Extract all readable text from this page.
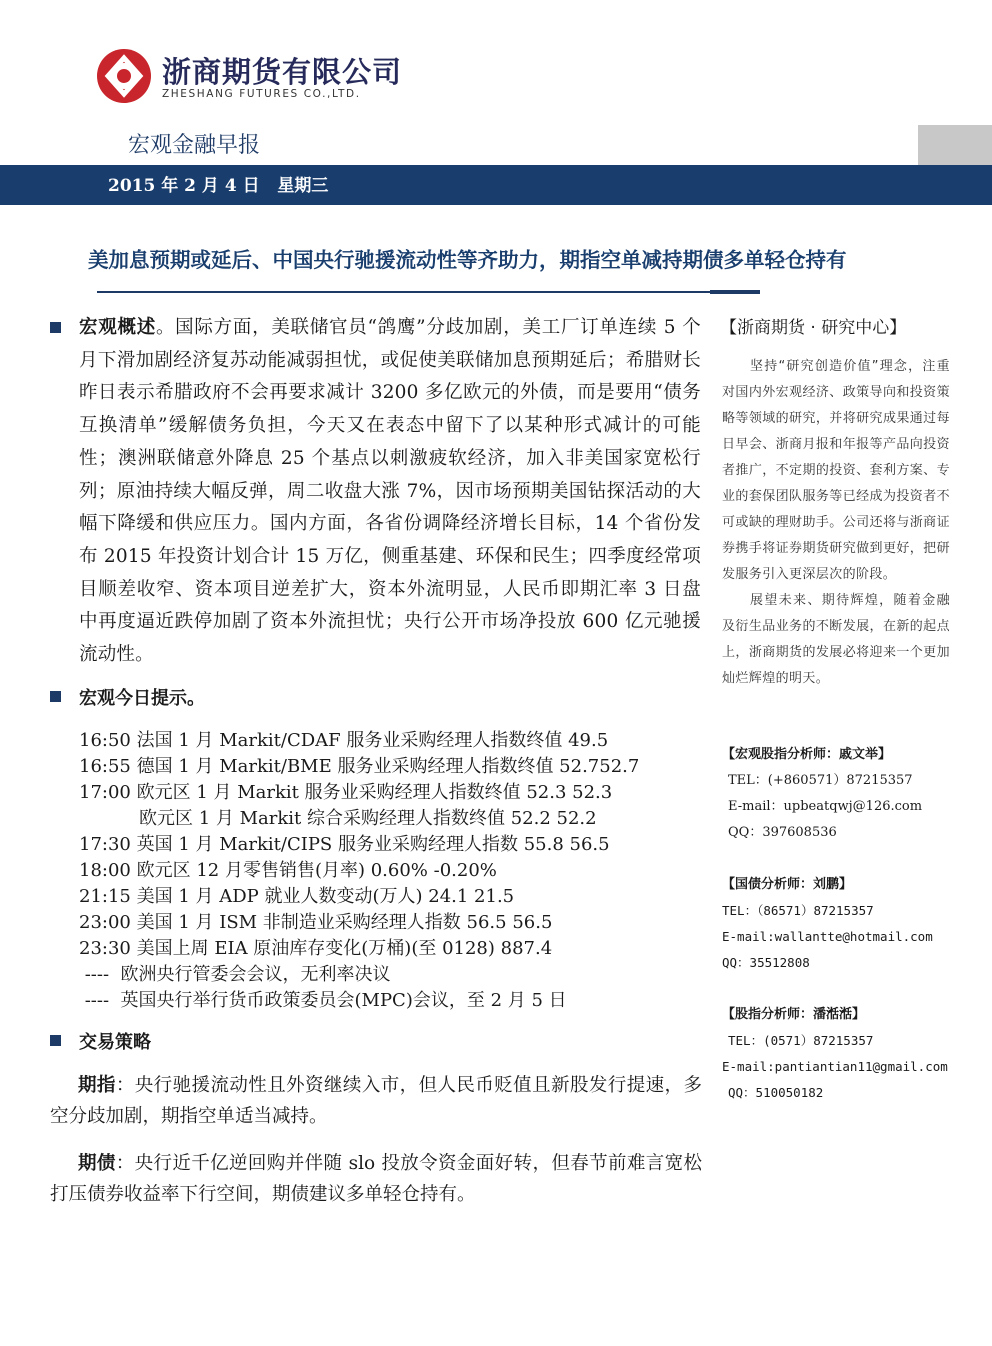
浙商期货有限公司
ZHESHANG FUTURES CO.,LTD.
宏观金融早报
2015 年 2 月 4 日 星期三
美加息预期或延后、中国央行驰援流动性等齐助力，期指空单减持期债多单轻仓持有
宏观概述。国际方面，美联储官员“鸽鹰”分歧加剧，美工厂订单连续 5 个月下滑加剧经济复苏动能减弱担忧，或促使美联储加息预期延后；希腊财长昨日表示希腊政府不会再要求减计 3200 多亿欧元的外债，而是要用“债务互换清单”缓解债务负担，今天又在表态中留下了以某种形式减计的可能性；澳洲联储意外降息 25 个基点以刺激疲软经济，加入非美国家宽松行列；原油持续大幅反弹，周二收盘大涨 7%，因市场预期美国钻探活动的大幅下降缓和供应压力。国内方面，各省份调降经济增长目标，14 个省份发布 2015 年投资计划合计 15 万亿，侧重基建、环保和民生；四季度经常项目顺差收窄、资本项目逆差扩大，资本外流明显，人民币即期汇率 3 日盘中再度逼近跌停加剧了资本外流担忧；央行公开市场净投放 600 亿元驰援流动性。
宏观今日提示。
16:50 法国 1 月 Markit/CDAF 服务业采购经理人指数终值 49.5
16:55 德国 1 月 Markit/BME 服务业采购经理人指数终值 52.752.7
17:00 欧元区 1 月 Markit 服务业采购经理人指数终值 52.3 52.3
欧元区 1 月 Markit 综合采购经理人指数终值 52.2 52.2
17:30 英国 1 月 Markit/CIPS 服务业采购经理人指数 55.8 56.5
18:00 欧元区 12 月零售销售(月率) 0.60% -0.20%
21:15 美国 1 月 ADP 就业人数变动(万人) 24.1 21.5
23:00 美国 1 月 ISM 非制造业采购经理人指数 56.5 56.5
23:30 美国上周 EIA 原油库存变化(万桶)(至 0128) 887.4
----  欧洲央行管委会会议，无利率决议
----  英国央行举行货币政策委员会(MPC)会议，至 2 月 5 日
交易策略
期指：央行驰援流动性且外资继续入市，但人民币贬值且新股发行提速，多空分歧加剧，期指空单适当减持。
期债：央行近千亿逆回购并伴随 slo 投放令资金面好转，但春节前难言宽松打压债券收益率下行空间，期债建议多单轻仓持有。
【浙商期货 · 研究中心】

坚持“研究创造价值”理念，注重对国内外宏观经济、政策导向和投资策略等领域的研究，并将研究成果通过每日早会、浙商月报和年报等产品向投资者推广，不定期的投资、套利方案、专业的套保团队服务等已经成为投资者不可或缺的理财助手。公司还将与浙商证券携手将证券期货研究做到更好，把研发服务引入更深层次的阶段。

展望未来、期待辉煌，随着金融及衍生品业务的不断发展，在新的起点上，浙商期货的发展必将迎来一个更加灿烂辉煌的明天。

【宏观股指分析师：戚文举】
TEL：(+860571）87215357
E-mail：upbeatqwj@126.com
QQ：397608536
【国债分析师：刘鹏】
TEL：（86571）87215357
E-mail:wallantte@hotmail.com
QQ：35512808
【股指分析师：潘湉湉】
TEL：(0571）87215357
E-mail:pantiantian11@gmail.com
QQ：510050182
